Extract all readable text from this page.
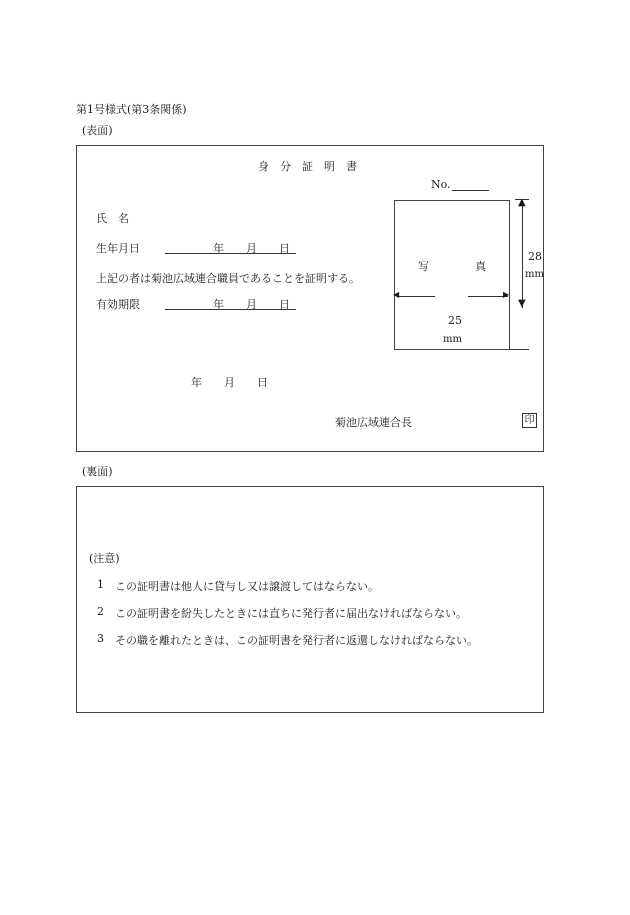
第1号様式(第3条関係)
(表面)
身　分　証　明　書
No.
氏　名
生年月日	年　　月　　日
上記の者は菊池広域連合職員であることを証明する。
有効期限	年　　月　　日
年　　月　　日
菊池広域連合長	印
写	真
▲
▼
28
mm
◀	▶
25
mm
(裏面)
(注意)
1 この証明書は他人に貸与し又は譲渡してはならない。
2 この証明書を紛失したときには直ちに発行者に届出なければならない。
3 その職を離れたときは、この証明書を発行者に返還しなければならない。
